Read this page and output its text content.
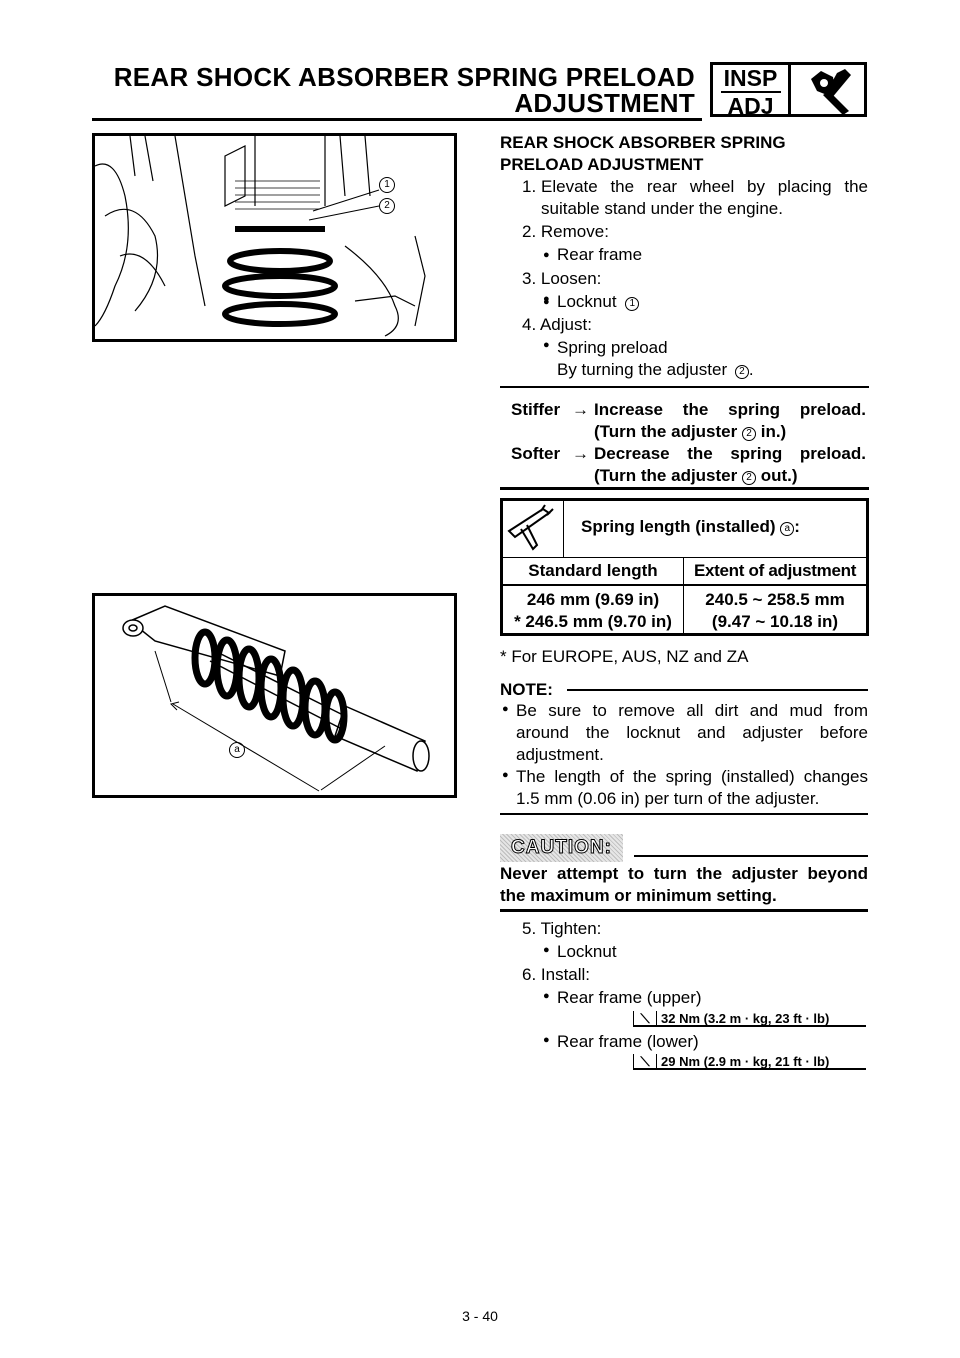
REAR SHOCK ABSORBER SPRING PRELOAD
ADJUSTMENT
INSP
ADJ
1
2
a
REAR SHOCK ABSORBER SPRING
PRELOAD ADJUSTMENT
1. Elevate the rear wheel by placing the
suitable stand under the engine.
2. Remove:
● Rear frame
3. Loosen:
Locknut 1
●
4. Adjust:
● Spring preload
By turning the adjuster 2 .
Stiffer → Increase the spring preload.
(Turn the adjuster 2 in.)
Softer → Decrease the spring preload.
(Turn the adjuster 2 out.)
Spring length (installed) a :
Standard length	Extent of adjustment
246 mm (9.69 in)
* 246.5 mm (9.70 in)
240.5 ~ 258.5 mm
(9.47 ~ 10.18 in)
* For EUROPE, AUS, NZ and ZA
NOTE:
● Be sure to remove all dirt and mud from
around the locknut and adjuster before
adjustment.
● The length of the spring (installed) changes
1.5 mm (0.06 in) per turn of the adjuster.
CAUTION:
Never attempt to turn the adjuster beyond
the maximum or minimum setting.
5. Tighten:
● Locknut
6. Install:
● Rear frame (upper)
⟍ 32 Nm (3.2 m · kg, 23 ft · lb)
● Rear frame (lower)
⟍ 29 Nm (2.9 m · kg, 21 ft · lb)
3 - 40
